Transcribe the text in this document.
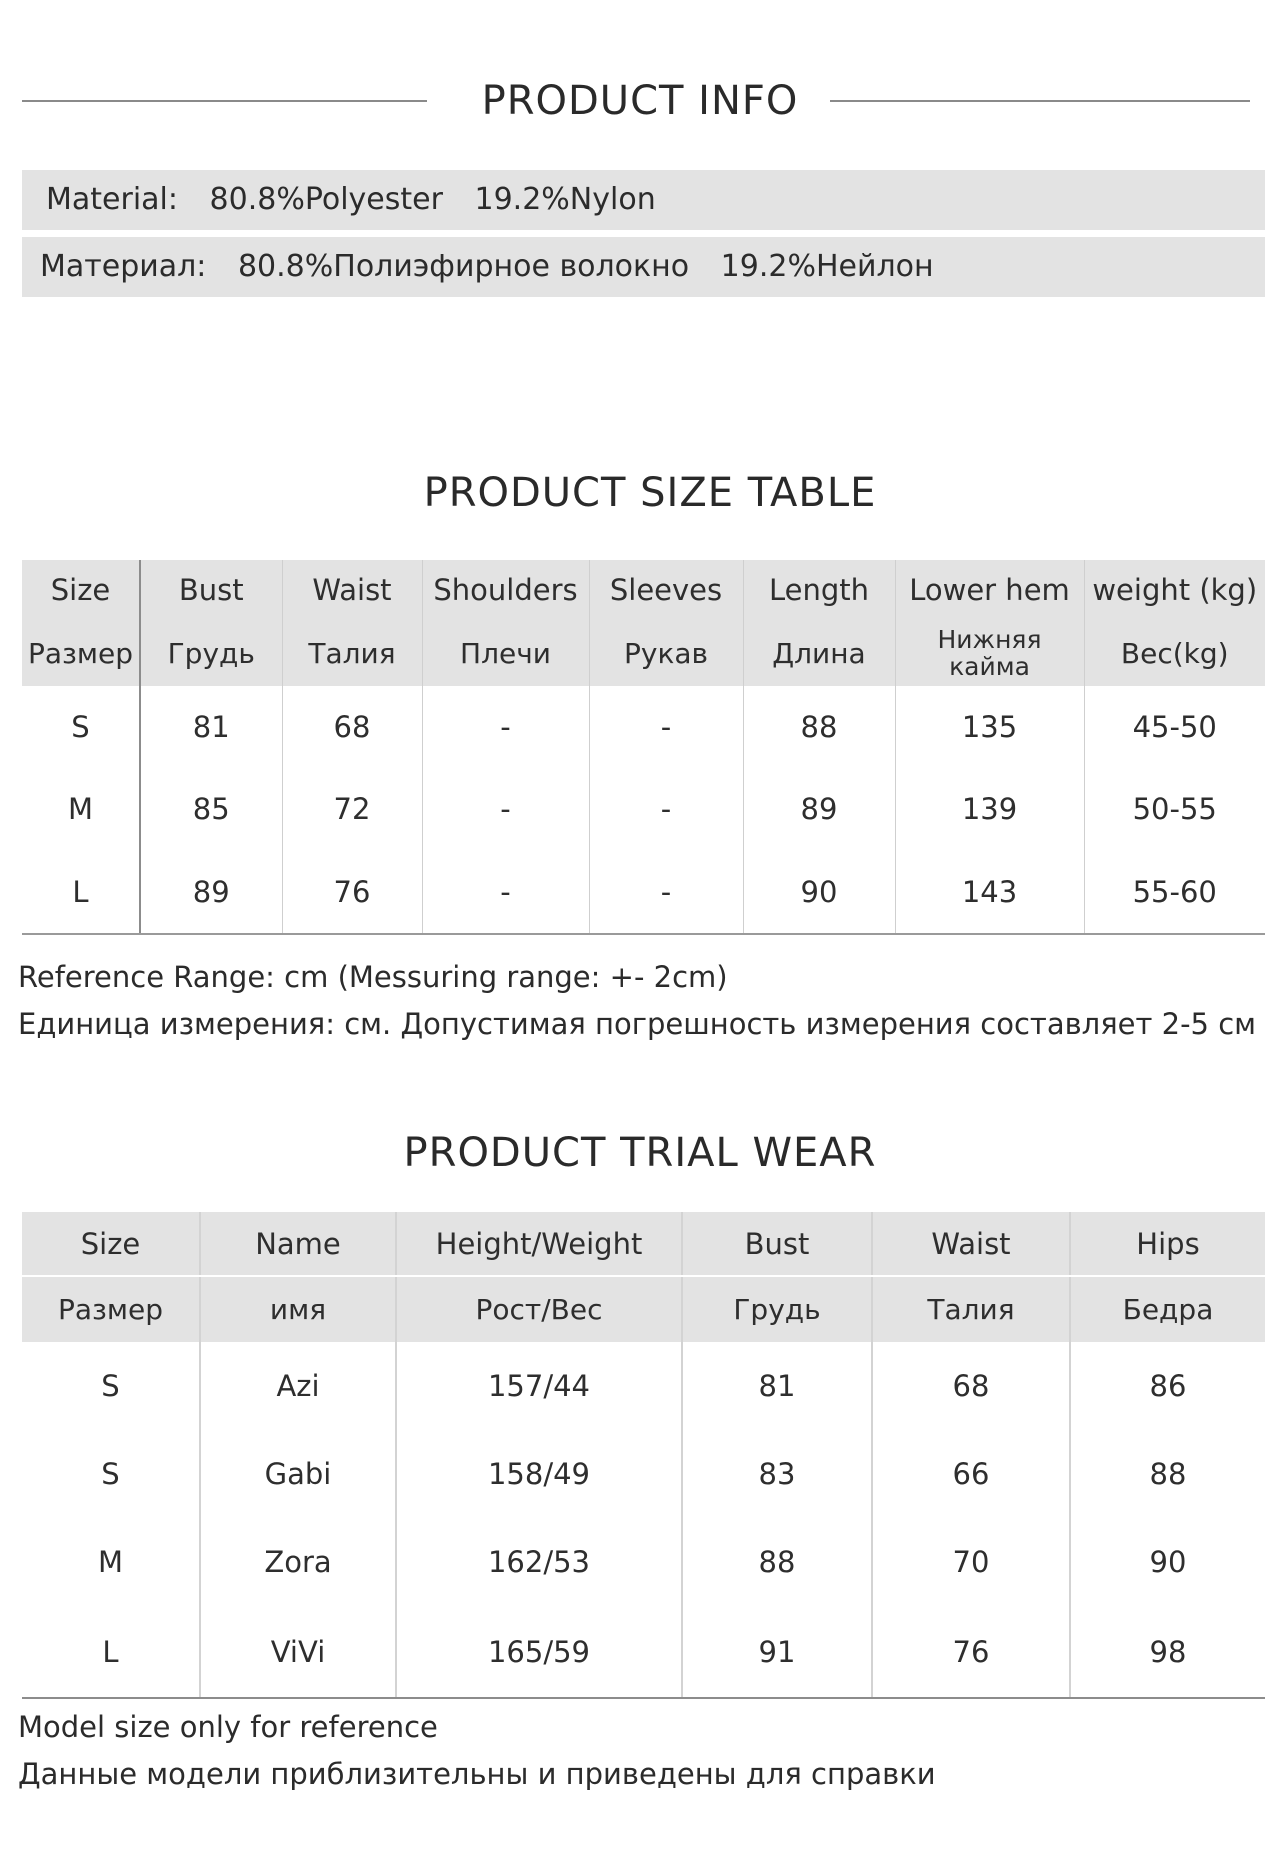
PRODUCT INFO
Material: 80.8%Polyester 19.2%Nylon
Материал: 80.8%Полиэфирное волокно 19.2%Нейлон
PRODUCT SIZE TABLE
Size	Bust	Waist	Shoulders	Sleeves	Length	Lower hem	weight (kg)
Размер	Грудь	Талия	Плечи	Рукав	Длина	Нижняя кайма	Вес(kg)
S	81	68	-	-	88	135	45-50
M	85	72	-	-	89	139	50-55
L	89	76	-	-	90	143	55-60
Reference Range: cm (Messuring range: +- 2cm)
Единица измерения: см. Допустимая погрешность измерения составляет 2-5 см
PRODUCT TRIAL WEAR
Size	Name	Height/Weight	Bust	Waist	Hips
Размер	имя	Рост/Вес	Грудь	Талия	Бедра
S	Azi	157/44	81	68	86
S	Gabi	158/49	83	66	88
M	Zora	162/53	88	70	90
L	ViVi	165/59	91	76	98
Model size only for reference
Данные модели приблизительны и приведены для справки
